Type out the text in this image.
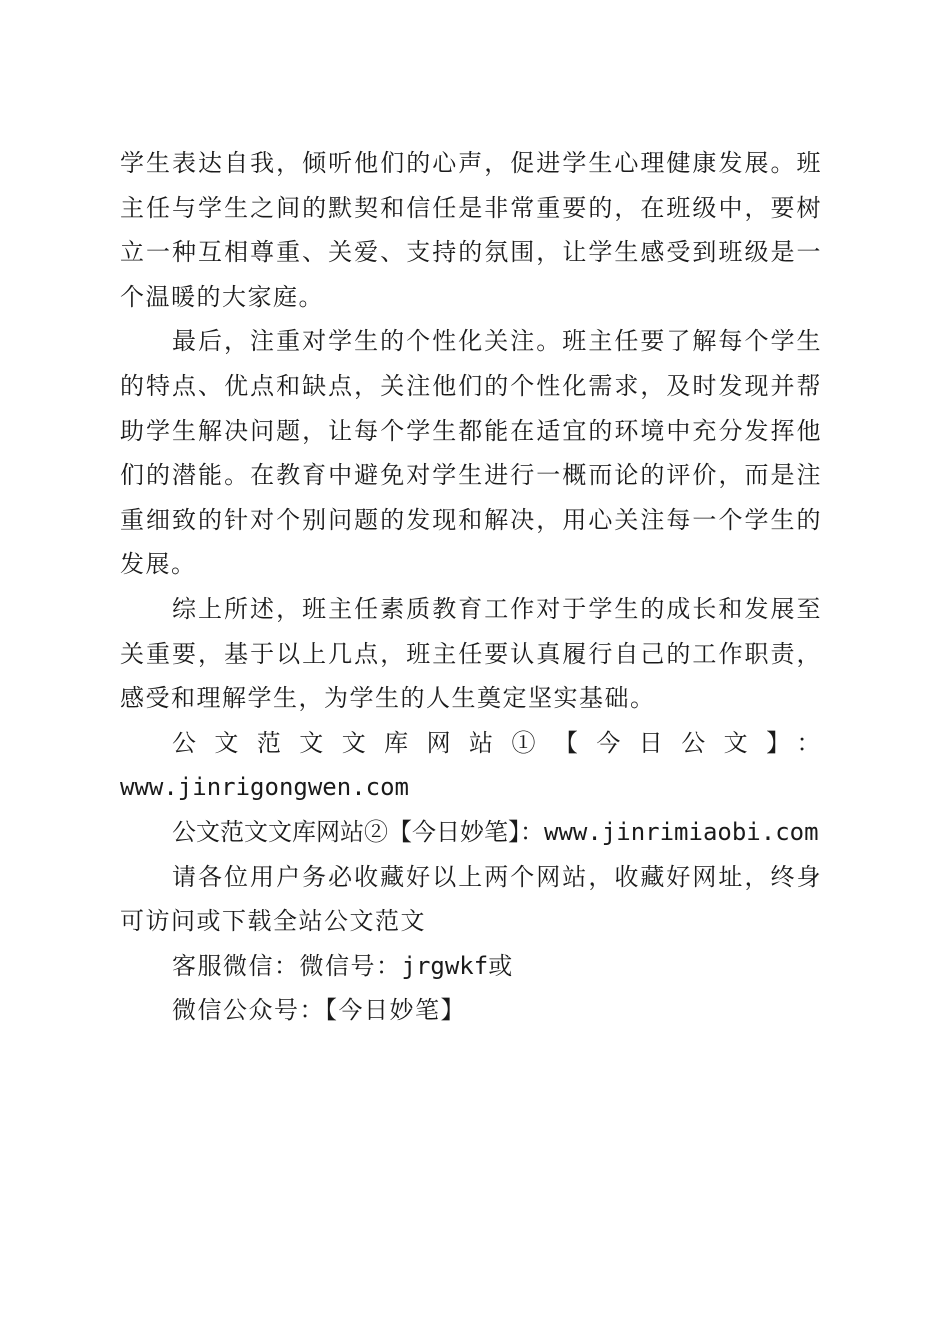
学生表达自我，倾听他们的心声，促进学生心理健康发展。班主任与学生之间的默契和信任是非常重要的，在班级中，要树立一种互相尊重、关爱、支持的氛围，让学生感受到班级是一个温暖的大家庭。

最后，注重对学生的个性化关注。班主任要了解每个学生的特点、优点和缺点，关注他们的个性化需求，及时发现并帮助学生解决问题，让每个学生都能在适宜的环境中充分发挥他们的潜能。在教育中避免对学生进行一概而论的评价，而是注重细致的针对个别问题的发现和解决，用心关注每一个学生的发展。

综上所述，班主任素质教育工作对于学生的成长和发展至关重要，基于以上几点，班主任要认真履行自己的工作职责，感受和理解学生，为学生的人生奠定坚实基础。

公文范文文库网站①【今日公文】：
www.jinrigongwen.com

公文范文文库网站②【今日妙笔】：www.jinrimiaobi.com

请各位用户务必收藏好以上两个网站，收藏好网址，终身可访问或下载全站公文范文

客服微信：微信号：jrgwkf或

微信公众号：【今日妙笔】
